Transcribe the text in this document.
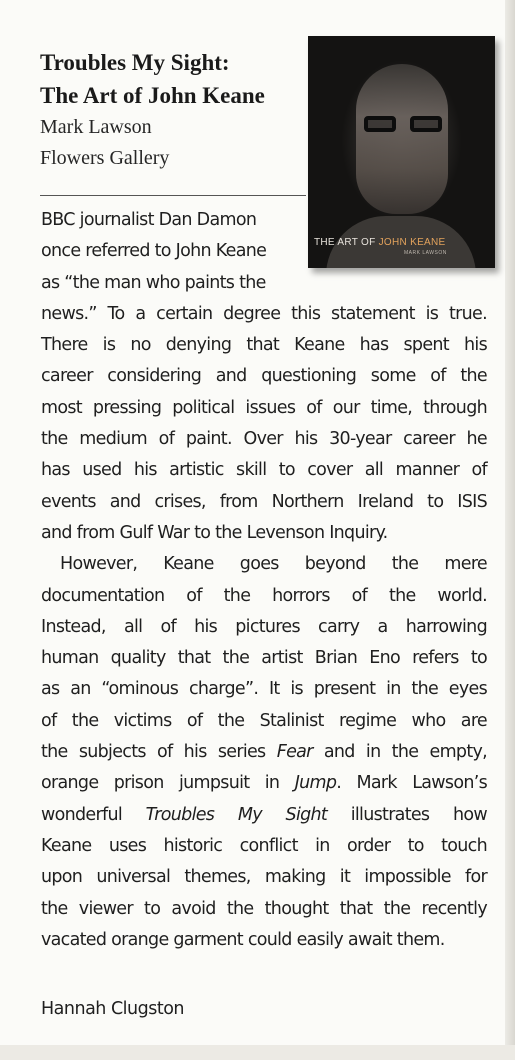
Troubles My Sight:
The Art of John Keane
Mark Lawson
Flowers Gallery
THE ART OF JOHN KEANE
MARK LAWSON
BBC journalist Dan Damon
once referred to John Keane
as “the man who paints the
news.” To a certain degree this statement is true.
There is no denying that Keane has spent his
career considering and questioning some of the
most pressing political issues of our time, through
the medium of paint. Over his 30-year career he
has used his artistic skill to cover all manner of
events and crises, from Northern Ireland to ISIS
and from Gulf War to the Levenson Inquiry.
However, Keane goes beyond the mere
documentation of the horrors of the world.
Instead, all of his pictures carry a harrowing
human quality that the artist Brian Eno refers to
as an “ominous charge”. It is present in the eyes
of the victims of the Stalinist regime who are
the subjects of his series Fear and in the empty,
orange prison jumpsuit in Jump. Mark Lawson’s
wonderful Troubles My Sight illustrates how
Keane uses historic conflict in order to touch
upon universal themes, making it impossible for
the viewer to avoid the thought that the recently
vacated orange garment could easily await them.
Hannah Clugston
